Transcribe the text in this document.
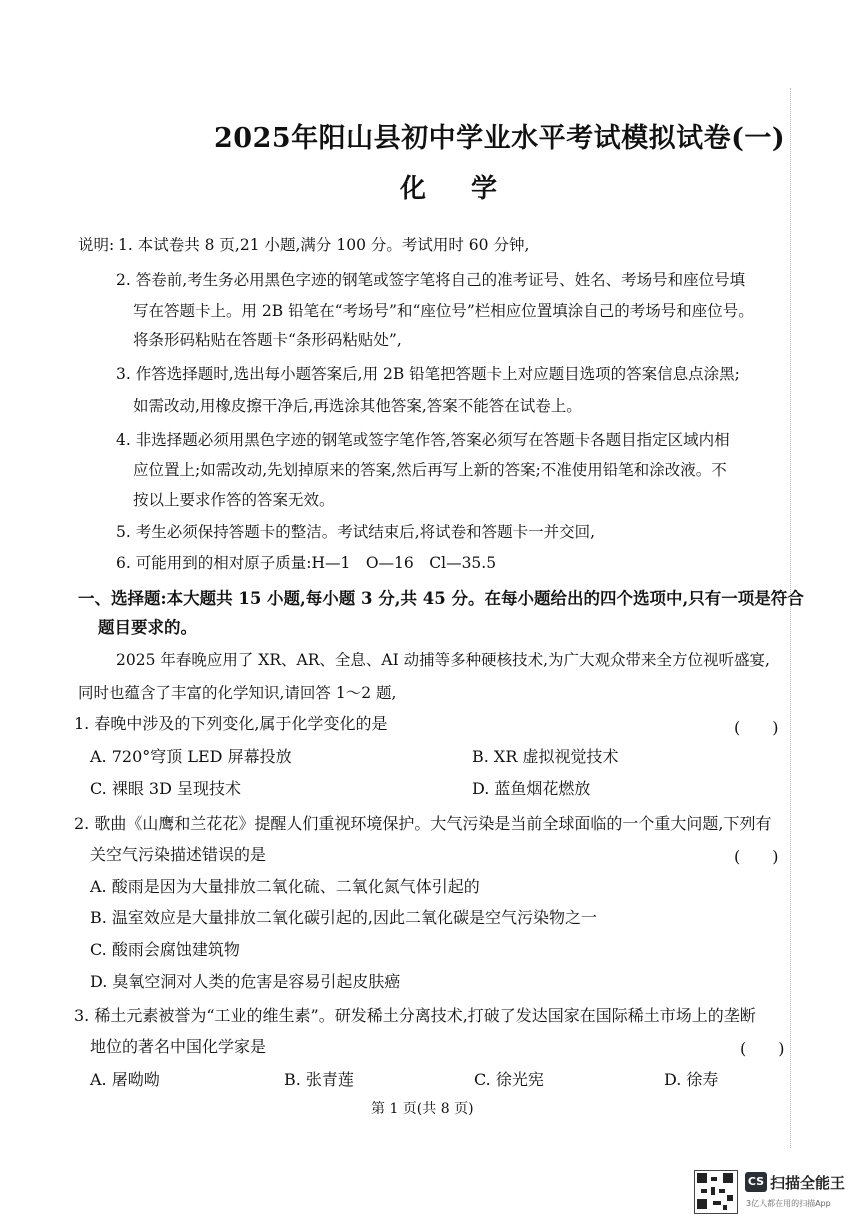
2025年阳山县初中学业水平考试模拟试卷(一)
化 学
说明: 1. 本试卷共 8 页,21 小题,满分 100 分。考试用时 60 分钟,
2. 答卷前,考生务必用黑色字迹的钢笔或签字笔将自己的准考证号、姓名、考场号和座位号填
写在答题卡上。用 2B 铅笔在“考场号”和“座位号”栏相应位置填涂自己的考场号和座位号。
将条形码粘贴在答题卡“条形码粘贴处”,
3. 作答选择题时,选出每小题答案后,用 2B 铅笔把答题卡上对应题目选项的答案信息点涂黑;
如需改动,用橡皮擦干净后,再选涂其他答案,答案不能答在试卷上。
4. 非选择题必须用黑色字迹的钢笔或签字笔作答,答案必须写在答题卡各题目指定区域内相
应位置上;如需改动,先划掉原来的答案,然后再写上新的答案;不准使用铅笔和涂改液。不
按以上要求作答的答案无效。
5. 考生必须保持答题卡的整洁。考试结束后,将试卷和答题卡一并交回,
6. 可能用到的相对原子质量:H—1　O—16　Cl—35.5
一、选择题:本大题共 15 小题,每小题 3 分,共 45 分。在每小题给出的四个选项中,只有一项是符合
题目要求的。
2025 年春晚应用了 XR、AR、全息、AI 动捕等多种硬核技术,为广大观众带来全方位视听盛宴,
同时也蕴含了丰富的化学知识,请回答 1～2 题,
1. 春晚中涉及的下列变化,属于化学变化的是	(　　)
A. 720°穹顶 LED 屏幕投放	B. XR 虚拟视觉技术
C. 裸眼 3D 呈现技术	D. 蓝鱼烟花燃放
2. 歌曲《山鹰和兰花花》提醒人们重视环境保护。大气污染是当前全球面临的一个重大问题,下列有
关空气污染描述错误的是	(　　)
A. 酸雨是因为大量排放二氧化硫、二氧化氮气体引起的
B. 温室效应是大量排放二氧化碳引起的,因此二氧化碳是空气污染物之一
C. 酸雨会腐蚀建筑物
D. 臭氧空洞对人类的危害是容易引起皮肤癌
3. 稀土元素被誉为“工业的维生素”。研发稀土分离技术,打破了发达国家在国际稀土市场上的垄断
地位的著名中国化学家是	(　　)
A. 屠呦呦	B. 张青莲	C. 徐光宪	D. 徐寿
第 1 页(共 8 页)
CS 扫描全能王
3亿人都在用的扫描App
